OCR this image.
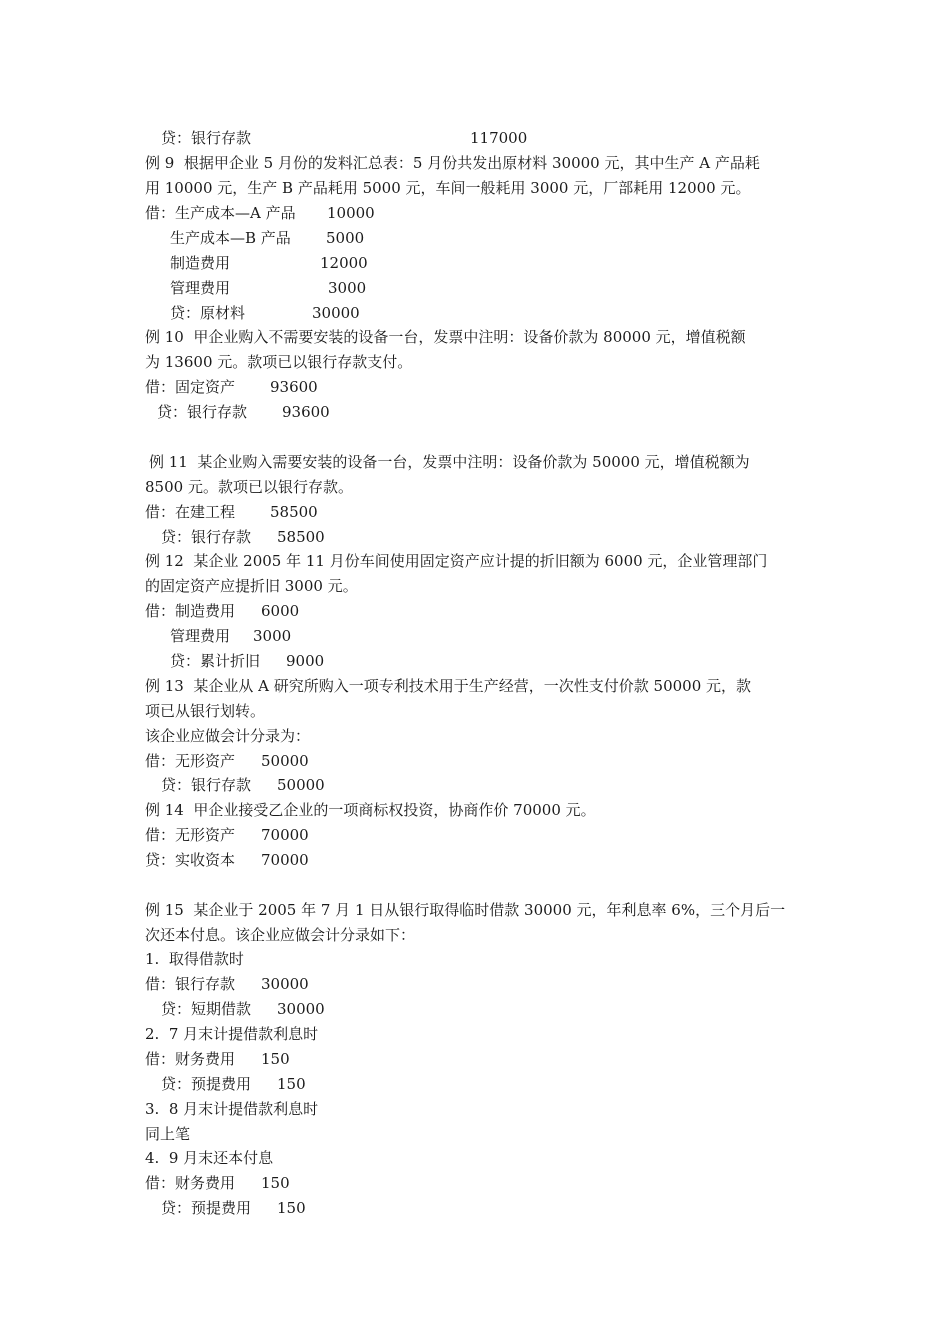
贷：银行存款	117000
例 9  根据甲企业 5 月份的发料汇总表：5 月份共发出原材料 30000 元，其中生产 A 产品耗
用 10000 元，生产 B 产品耗用 5000 元，车间一般耗用 3000 元，厂部耗用 12000 元。
借：生产成本—A 产品 10000
生产成本—B 产品 5000
制造费用	12000
管理费用	3000
贷：原材料	30000
例 10  甲企业购入不需要安装的设备一台，发票中注明：设备价款为 80000 元，增值税额
为 13600 元。款项已以银行存款支付。
借：固定资产 93600
贷：银行存款 93600
例 11  某企业购入需要安装的设备一台，发票中注明：设备价款为 50000 元，增值税额为
8500 元。款项已以银行存款。
借：在建工程 58500
贷：银行存款 58500
例 12  某企业 2005 年 11 月份车间使用固定资产应计提的折旧额为 6000 元，企业管理部门
的固定资产应提折旧 3000 元。
借：制造费用 6000
管理费用 3000
贷：累计折旧 9000
例 13  某企业从 A 研究所购入一项专利技术用于生产经营，一次性支付价款 50000 元，款
项已从银行划转。
该企业应做会计分录为：
借：无形资产 50000
贷：银行存款 50000
例 14  甲企业接受乙企业的一项商标权投资，协商作价 70000 元。
借：无形资产 70000
贷：实收资本 70000
例 15  某企业于 2005 年 7 月 1 日从银行取得临时借款 30000 元，年利息率 6%，三个月后一
次还本付息。该企业应做会计分录如下：
1.  取得借款时
借：银行存款 30000
贷：短期借款 30000
2.  7 月末计提借款利息时
借：财务费用 150
贷：预提费用 150
3.  8 月末计提借款利息时
同上笔
4.  9 月末还本付息
借：财务费用 150
贷：预提费用 150
